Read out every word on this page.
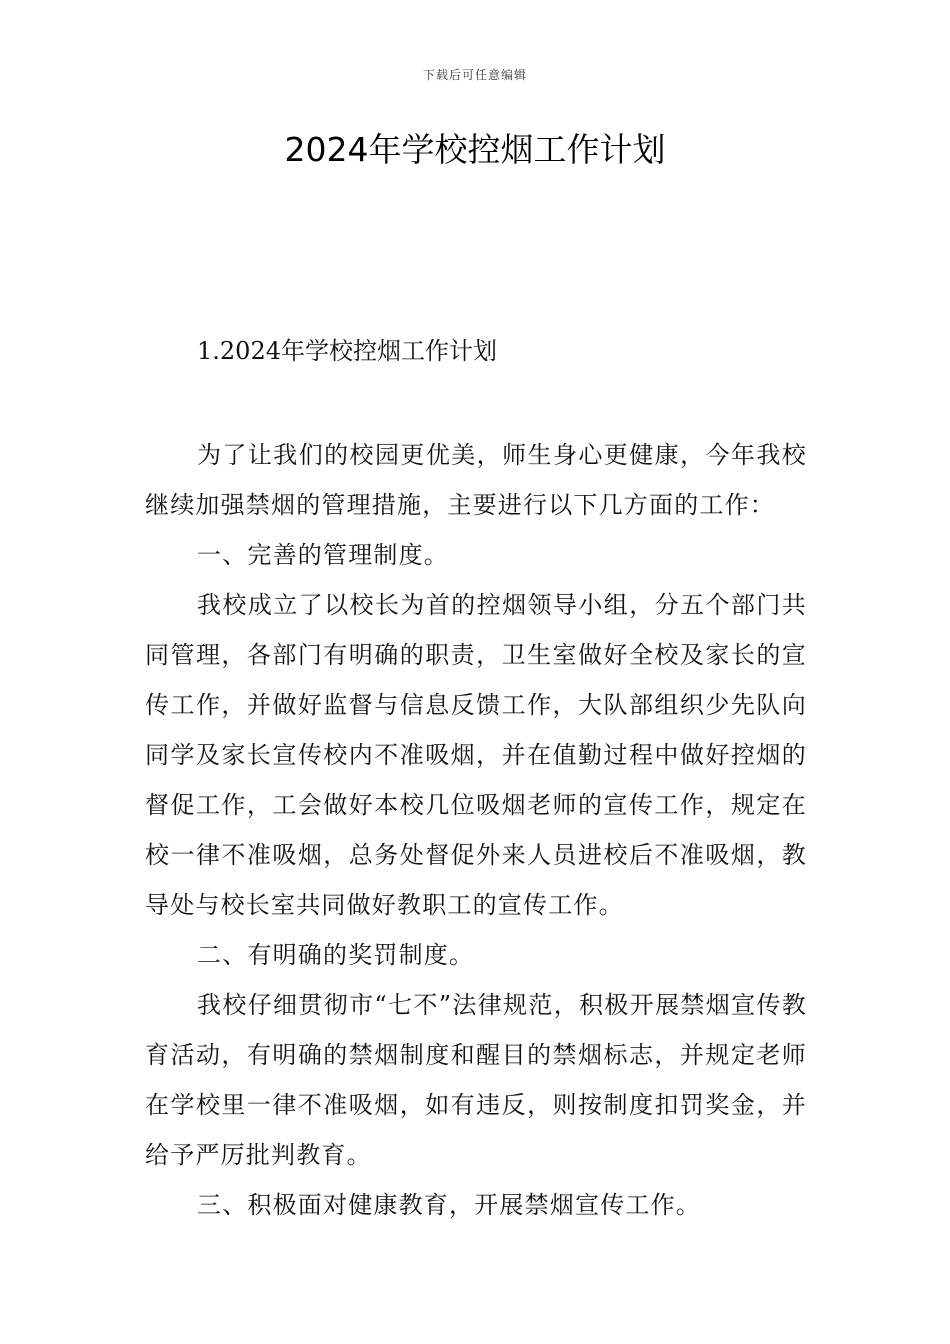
下载后可任意编辑
2024年学校控烟工作计划
1.2024年学校控烟工作计划

为了让我们的校园更优美，师生身心更健康，今年我校继续加强禁烟的管理措施，主要进行以下几方面的工作：

一、完善的管理制度。

我校成立了以校长为首的控烟领导小组，分五个部门共同管理，各部门有明确的职责，卫生室做好全校及家长的宣传工作，并做好监督与信息反馈工作，大队部组织少先队向同学及家长宣传校内不准吸烟，并在值勤过程中做好控烟的督促工作，工会做好本校几位吸烟老师的宣传工作，规定在校一律不准吸烟，总务处督促外来人员进校后不准吸烟，教导处与校长室共同做好教职工的宣传工作。

二、有明确的奖罚制度。

我校仔细贯彻市“七不”法律规范，积极开展禁烟宣传教育活动，有明确的禁烟制度和醒目的禁烟标志，并规定老师在学校里一律不准吸烟，如有违反，则按制度扣罚奖金，并给予严厉批判教育。

三、积极面对健康教育，开展禁烟宣传工作。
